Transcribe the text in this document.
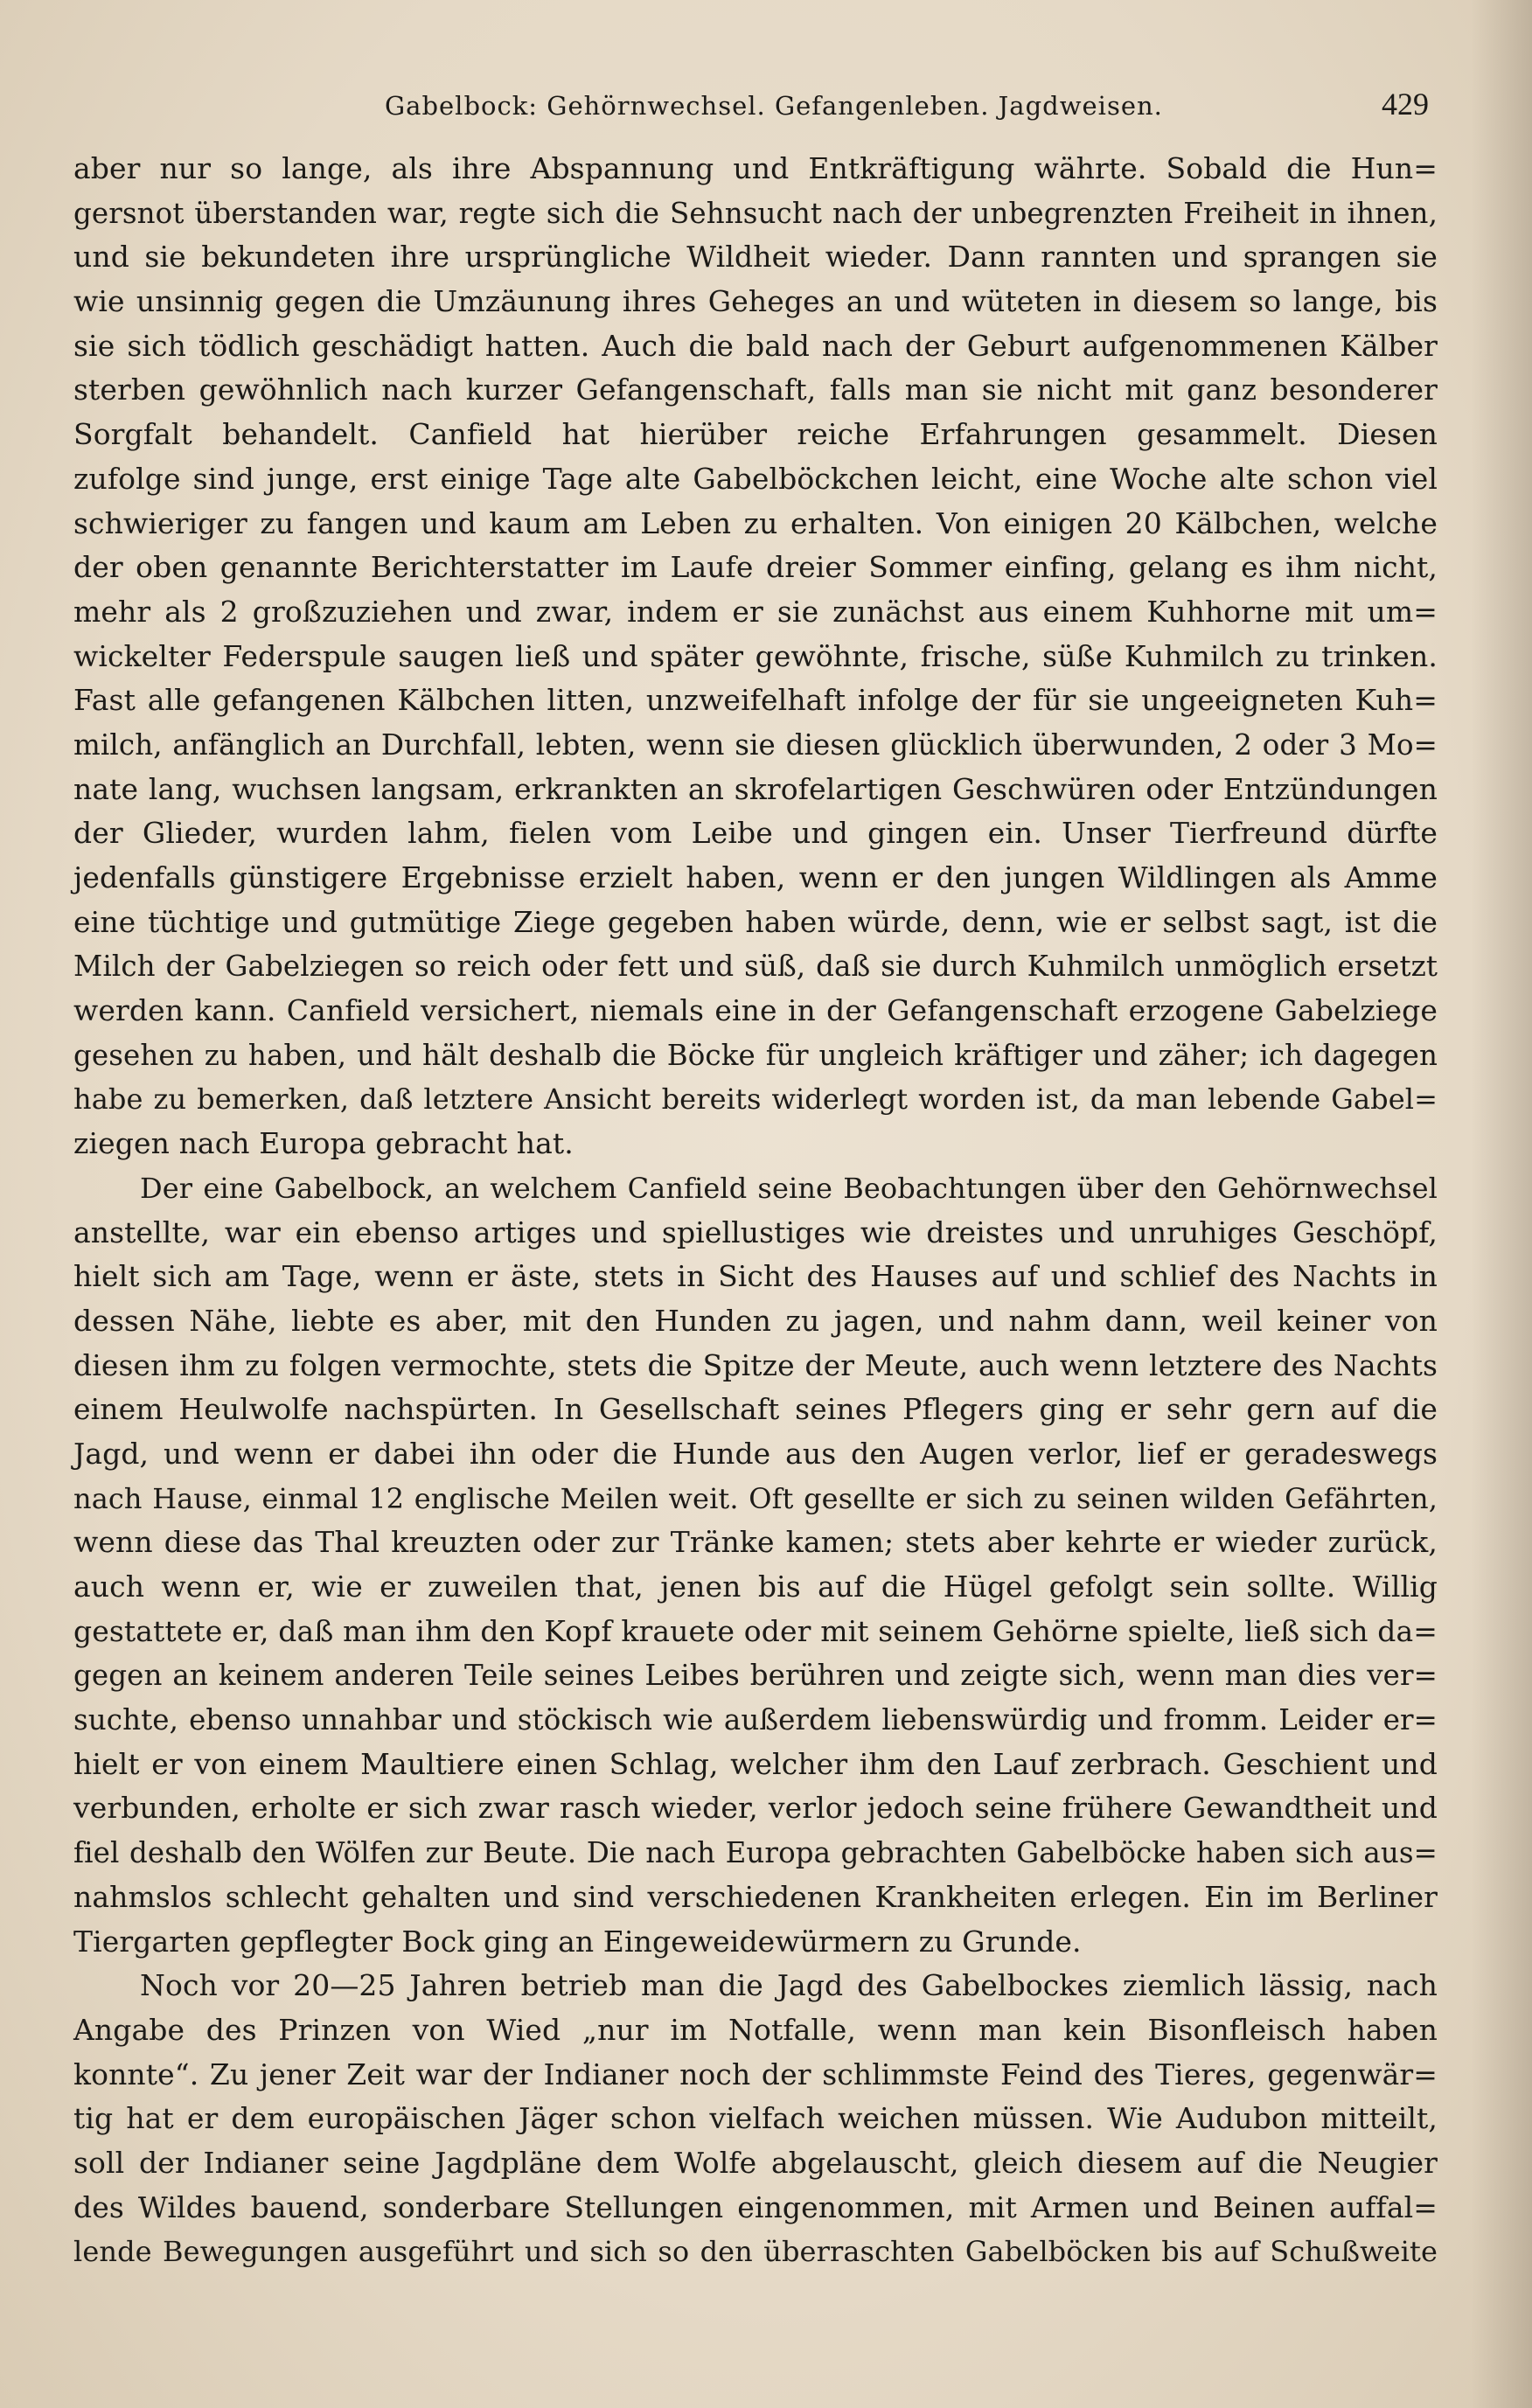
Gabelbock: Gehörnwechsel. Gefangenleben. Jagdweisen.	429
aber nur so lange, als ihre Abspannung und Entkräftigung währte. Sobald die Hun=
gersnot überstanden war, regte sich die Sehnsucht nach der unbegrenzten Freiheit in ihnen,
und sie bekundeten ihre ursprüngliche Wildheit wieder. Dann rannten und sprangen sie
wie unsinnig gegen die Umzäunung ihres Geheges an und wüteten in diesem so lange, bis
sie sich tödlich geschädigt hatten. Auch die bald nach der Geburt aufgenommenen Kälber
sterben gewöhnlich nach kurzer Gefangenschaft, falls man sie nicht mit ganz besonderer
Sorgfalt behandelt. Canfield hat hierüber reiche Erfahrungen gesammelt. Diesen
zufolge sind junge, erst einige Tage alte Gabelböckchen leicht, eine Woche alte schon viel
schwieriger zu fangen und kaum am Leben zu erhalten. Von einigen 20 Kälbchen, welche
der oben genannte Berichterstatter im Laufe dreier Sommer einfing, gelang es ihm nicht,
mehr als 2 großzuziehen und zwar, indem er sie zunächst aus einem Kuhhorne mit um=
wickelter Federspule saugen ließ und später gewöhnte, frische, süße Kuhmilch zu trinken.
Fast alle gefangenen Kälbchen litten, unzweifelhaft infolge der für sie ungeeigneten Kuh=
milch, anfänglich an Durchfall, lebten, wenn sie diesen glücklich überwunden, 2 oder 3 Mo=
nate lang, wuchsen langsam, erkrankten an skrofelartigen Geschwüren oder Entzündungen
der Glieder, wurden lahm, fielen vom Leibe und gingen ein. Unser Tierfreund dürfte
jedenfalls günstigere Ergebnisse erzielt haben, wenn er den jungen Wildlingen als Amme
eine tüchtige und gutmütige Ziege gegeben haben würde, denn, wie er selbst sagt, ist die
Milch der Gabelziegen so reich oder fett und süß, daß sie durch Kuhmilch unmöglich ersetzt
werden kann. Canfield versichert, niemals eine in der Gefangenschaft erzogene Gabelziege
gesehen zu haben, und hält deshalb die Böcke für ungleich kräftiger und zäher; ich dagegen
habe zu bemerken, daß letztere Ansicht bereits widerlegt worden ist, da man lebende Gabel=
ziegen nach Europa gebracht hat.
Der eine Gabelbock, an welchem Canfield seine Beobachtungen über den Gehörnwechsel
anstellte, war ein ebenso artiges und spiellustiges wie dreistes und unruhiges Geschöpf,
hielt sich am Tage, wenn er äste, stets in Sicht des Hauses auf und schlief des Nachts in
dessen Nähe, liebte es aber, mit den Hunden zu jagen, und nahm dann, weil keiner von
diesen ihm zu folgen vermochte, stets die Spitze der Meute, auch wenn letztere des Nachts
einem Heulwolfe nachspürten. In Gesellschaft seines Pflegers ging er sehr gern auf die
Jagd, und wenn er dabei ihn oder die Hunde aus den Augen verlor, lief er geradeswegs
nach Hause, einmal 12 englische Meilen weit. Oft gesellte er sich zu seinen wilden Gefährten,
wenn diese das Thal kreuzten oder zur Tränke kamen; stets aber kehrte er wieder zurück,
auch wenn er, wie er zuweilen that, jenen bis auf die Hügel gefolgt sein sollte. Willig
gestattete er, daß man ihm den Kopf krauete oder mit seinem Gehörne spielte, ließ sich da=
gegen an keinem anderen Teile seines Leibes berühren und zeigte sich, wenn man dies ver=
suchte, ebenso unnahbar und stöckisch wie außerdem liebenswürdig und fromm. Leider er=
hielt er von einem Maultiere einen Schlag, welcher ihm den Lauf zerbrach. Geschient und
verbunden, erholte er sich zwar rasch wieder, verlor jedoch seine frühere Gewandtheit und
fiel deshalb den Wölfen zur Beute. Die nach Europa gebrachten Gabelböcke haben sich aus=
nahmslos schlecht gehalten und sind verschiedenen Krankheiten erlegen. Ein im Berliner
Tiergarten gepflegter Bock ging an Eingeweidewürmern zu Grunde.
Noch vor 20—25 Jahren betrieb man die Jagd des Gabelbockes ziemlich lässig, nach
Angabe des Prinzen von Wied „nur im Notfalle, wenn man kein Bisonfleisch haben
konnte“. Zu jener Zeit war der Indianer noch der schlimmste Feind des Tieres, gegenwär=
tig hat er dem europäischen Jäger schon vielfach weichen müssen. Wie Audubon mitteilt,
soll der Indianer seine Jagdpläne dem Wolfe abgelauscht, gleich diesem auf die Neugier
des Wildes bauend, sonderbare Stellungen eingenommen, mit Armen und Beinen auffal=
lende Bewegungen ausgeführt und sich so den überraschten Gabelböcken bis auf Schußweite
